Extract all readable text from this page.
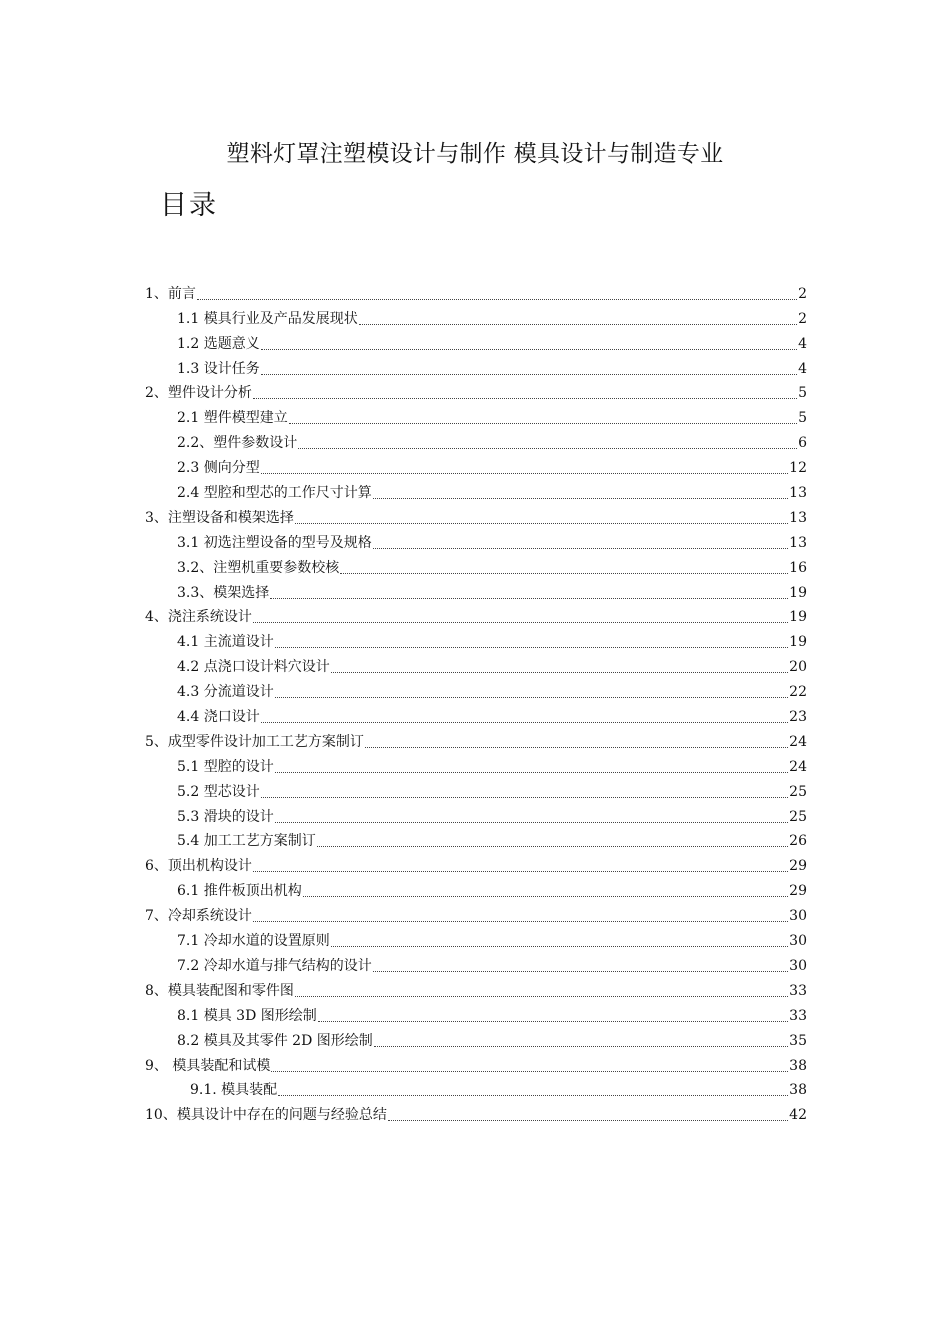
塑料灯罩注塑模设计与制作 模具设计与制造专业
目录
1、前言	2
1.1 模具行业及产品发展现状	2
1.2 选题意义	4
1.3 设计任务	4
2、塑件设计分析	5
2.1 塑件模型建立	5
2.2、塑件参数设计	6
2.3 侧向分型	12
2.4 型腔和型芯的工作尺寸计算	13
3、注塑设备和模架选择	13
3.1 初选注塑设备的型号及规格	13
3.2、注塑机重要参数校核	16
3.3、模架选择	19
4、浇注系统设计	19
4.1 主流道设计	19
4.2 点浇口设计料穴设计	20
4.3 分流道设计	22
4.4 浇口设计	23
5、成型零件设计加工工艺方案制订	24
5.1 型腔的设计	24
5.2 型芯设计	25
5.3 滑块的设计	25
5.4 加工工艺方案制订	26
6、顶出机构设计	29
6.1 推件板顶出机构	29
7、冷却系统设计	30
7.1 冷却水道的设置原则	30
7.2 冷却水道与排气结构的设计	30
8、模具装配图和零件图	33
8.1 模具 3D 图形绘制	33
8.2 模具及其零件 2D 图形绘制	35
9、 模具装配和试模	38
9.1. 模具装配	38
10、模具设计中存在的问题与经验总结	42
